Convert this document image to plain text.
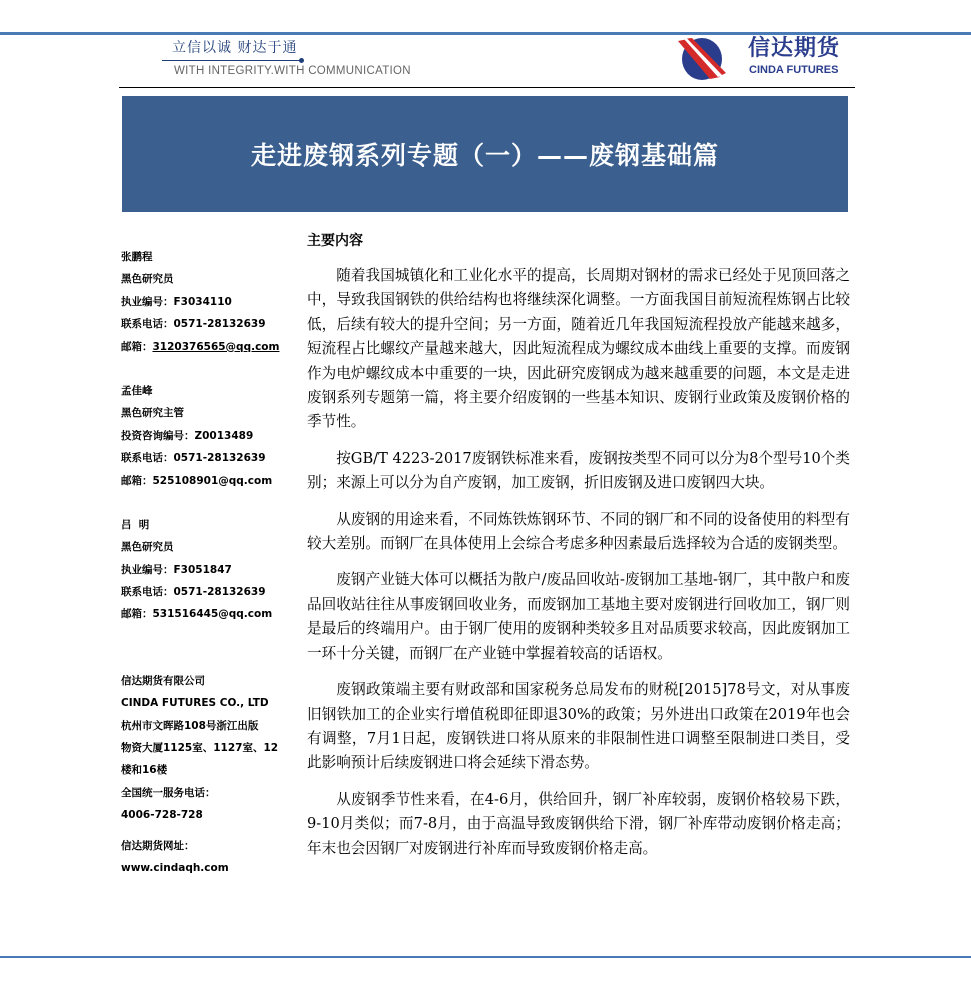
立信以诚 财达于通
WITH INTEGRITY.WITH COMMUNICATION
信达期货
CINDA FUTURES
走进废钢系列专题（一）——废钢基础篇
张鹏程
黑色研究员
执业编号：F3034110
联系电话：0571-28132639
邮箱：3120376565@qq.com
孟佳峰
黑色研究主管
投资咨询编号：Z0013489
联系电话：0571-28132639
邮箱：525108901@qq.com
吕  明
黑色研究员
执业编号：F3051847
联系电话：0571-28132639
邮箱：531516445@qq.com
信达期货有限公司
CINDA FUTURES CO., LTD
杭州市文晖路108号浙江出版
物资大厦1125室、1127室、12
楼和16楼
全国统一服务电话：
4006-728-728
信达期货网址：
www.cindaqh.com
主要内容

随着我国城镇化和工业化水平的提高，长周期对钢材的需求已经处于见顶回落之中，导致我国钢铁的供给结构也将继续深化调整。一方面我国目前短流程炼钢占比较低，后续有较大的提升空间；另一方面，随着近几年我国短流程投放产能越来越多，短流程占比螺纹产量越来越大，因此短流程成为螺纹成本曲线上重要的支撑。而废钢作为电炉螺纹成本中重要的一块，因此研究废钢成为越来越重要的问题，本文是走进废钢系列专题第一篇，将主要介绍废钢的一些基本知识、废钢行业政策及废钢价格的季节性。

按GB/T 4223-2017废钢铁标准来看，废钢按类型不同可以分为8个型号10个类别；来源上可以分为自产废钢，加工废钢，折旧废钢及进口废钢四大块。

从废钢的用途来看，不同炼铁炼钢环节、不同的钢厂和不同的设备使用的料型有较大差别。而钢厂在具体使用上会综合考虑多种因素最后选择较为合适的废钢类型。

废钢产业链大体可以概括为散户/废品回收站-废钢加工基地-钢厂，其中散户和废品回收站往往从事废钢回收业务，而废钢加工基地主要对废钢进行回收加工，钢厂则是最后的终端用户。由于钢厂使用的废钢种类较多且对品质要求较高，因此废钢加工一环十分关键，而钢厂在产业链中掌握着较高的话语权。

废钢政策端主要有财政部和国家税务总局发布的财税[2015]78号文，对从事废旧钢铁加工的企业实行增值税即征即退30%的政策；另外进出口政策在2019年也会有调整，7月1日起，废钢铁进口将从原来的非限制性进口调整至限制进口类目，受此影响预计后续废钢进口将会延续下滑态势。

从废钢季节性来看，在4-6月，供给回升，钢厂补库较弱，废钢价格较易下跌，9-10月类似；而7-8月，由于高温导致废钢供给下滑，钢厂补库带动废钢价格走高；年末也会因钢厂对废钢进行补库而导致废钢价格走高。
